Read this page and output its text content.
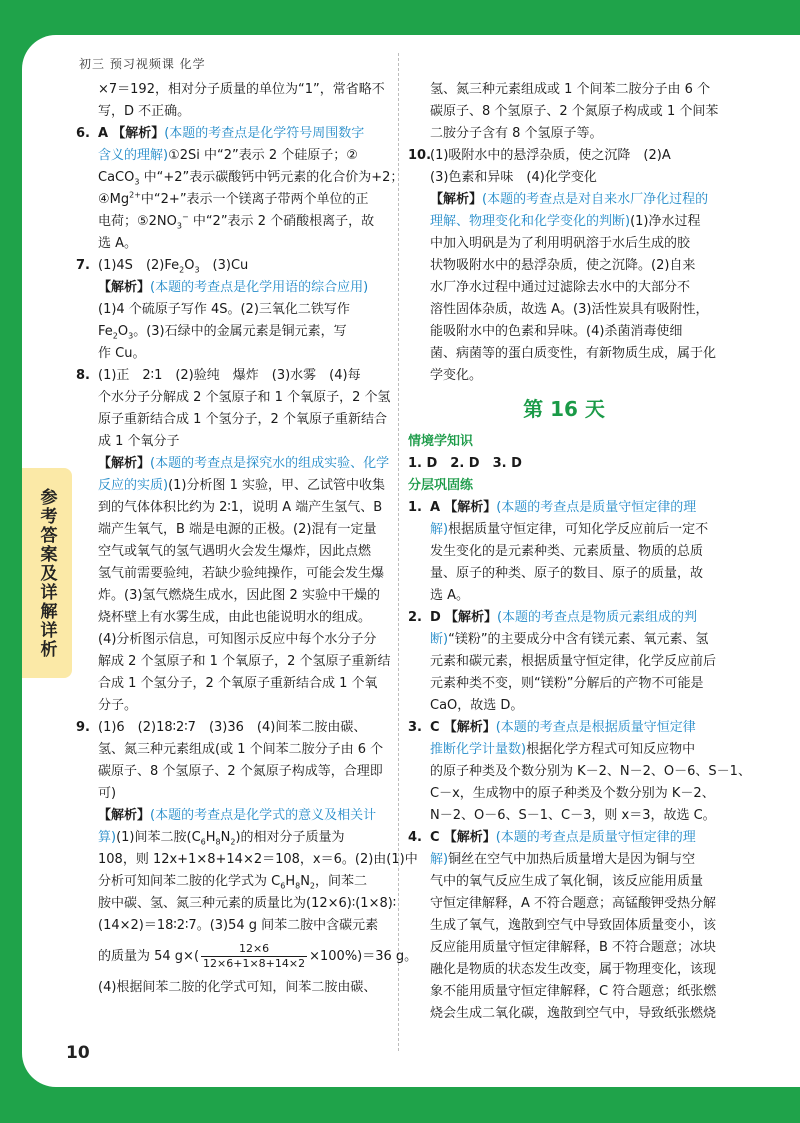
初三 预习视频课 化学
×7＝192，相对分子质量的单位为“1”，常省略不
写，D 不正确。
6. A 【解析】(本题的考查点是化学符号周围数字
含义的理解)①2Si 中“2”表示 2 个硅原子；②
CaCO$_3$ 中“+2”表示碳酸钙中钙元素的化合价为+2；
$④Mg^{2+}$中“2+”表示一个镁离子带两个单位的正
电荷；$⑤2NO_3^-$ 中“2”表示 2 个硝酸根离子，故
选 A。
7. (1)4S　$(2)Fe_2O_3$　(3)Cu
【解析】(本题的考查点是化学用语的综合应用)
(1)4 个硫原子写作 4S。(2)三氧化二铁写作
$Fe_2O_3$。(3)石绿中的金属元素是铜元素，写
作 Cu。
8. (1)正　2∶1　(2)验纯　爆炸　(3)水雾　(4)每
个水分子分解成 2 个氢原子和 1 个氧原子，2 个氢
原子重新结合成 1 个氢分子，2 个氧原子重新结合
成 1 个氧分子
【解析】(本题的考查点是探究水的组成实验、化学
反应的实质)(1)分析图 1 实验，甲、乙试管中收集
到的气体体积比约为 2∶1，说明 A 端产生氢气、B
端产生氧气，B 端是电源的正极。(2)混有一定量
空气或氧气的氢气遇明火会发生爆炸，因此点燃
氢气前需要验纯，若缺少验纯操作，可能会发生爆
炸。(3)氢气燃烧生成水，因此图 2 实验中干燥的
烧杯壁上有水雾生成，由此也能说明水的组成。
(4)分析图示信息，可知图示反应中每个水分子分
解成 2 个氢原子和 1 个氧原子，2 个氢原子重新结
合成 1 个氢分子，2 个氧原子重新结合成 1 个氧
分子。
9. (1)6　(2)18∶2∶7　(3)36　(4)间苯二胺由碳、
氢、氮三种元素组成(或 1 个间苯二胺分子由 6 个
碳原子、8 个氢原子、2 个氮原子构成等，合理即
可)
【解析】(本题的考查点是化学式的意义及相关计
算)(1)间苯二胺$(C_6H_8N_2)$的相对分子质量为
108，则 12x+1×8+14×2＝108，x＝6。(2)由(1)中
分析可知间苯二胺的化学式为 $C_6H_8N_2$，间苯二
胺中碳、氢、氮三种元素的质量比为(12×6)∶(1×8)∶
(14×2)＝18∶2∶7。(3)54 g 间苯二胺中含碳元素
的质量为 54 $g\times( \frac{12\times 6}{12\times 6+1\times 8+14\times 2} \times 100\%)=36$ g。
(4)根据间苯二胺的化学式可知，间苯二胺由碳、
氢、氮三种元素组成或 1 个间苯二胺分子由 6 个
碳原子、8 个氢原子、2 个氮原子构成或 1 个间苯
二胺分子含有 8 个氢原子等。
10.(1)吸附水中的悬浮杂质，使之沉降　(2)A
(3)色素和异味　(4)化学变化
【解析】(本题的考查点是对自来水厂净化过程的
理解、物理变化和化学变化的判断)(1)净水过程
中加入明矾是为了利用明矾溶于水后生成的胶
状物吸附水中的悬浮杂质，使之沉降。(2)自来
水厂净水过程中通过过滤除去水中的大部分不
溶性固体杂质，故选 A。(3)活性炭具有吸附性，
能吸附水中的色素和异味。(4)杀菌消毒使细
菌、病菌等的蛋白质变性，有新物质生成，属于化
学变化。
第 16 天
情境学知识
1. D　2. D　3. D
分层巩固练
1. A 【解析】(本题的考查点是质量守恒定律的理
解)根据质量守恒定律，可知化学反应前后一定不
发生变化的是元素种类、元素质量、物质的总质
量、原子的种类、原子的数目、原子的质量，故
选 A。
2. D 【解析】(本题的考查点是物质元素组成的判
断)“镁粉”的主要成分中含有镁元素、氧元素、氢
元素和碳元素，根据质量守恒定律，化学反应前后
元素种类不变，则“镁粉”分解后的产物不可能是
CaO，故选 D。
3. C 【解析】(本题的考查点是根据质量守恒定律
推断化学计量数)根据化学方程式可知反应物中
的原子种类及个数分别为 K－2、N－2、O－6、S－1、
C－x，生成物中的原子种类及个数分别为 K－2、
N－2、O－6、S－1、C－3，则 x＝3，故选 C。
4. C 【解析】(本题的考查点是质量守恒定律的理
解)铜丝在空气中加热后质量增大是因为铜与空
气中的氧气反应生成了氧化铜，该反应能用质量
守恒定律解释，A 不符合题意；高锰酸钾受热分解
生成了氧气，逸散到空气中导致固体质量变小，该
反应能用质量守恒定律解释，B 不符合题意；冰块
融化是物质的状态发生改变，属于物理变化，该现
象不能用质量守恒定律解释，C 符合题意；纸张燃
烧会生成二氧化碳，逸散到空气中，导致纸张燃烧
参考答案及详解详析
10
